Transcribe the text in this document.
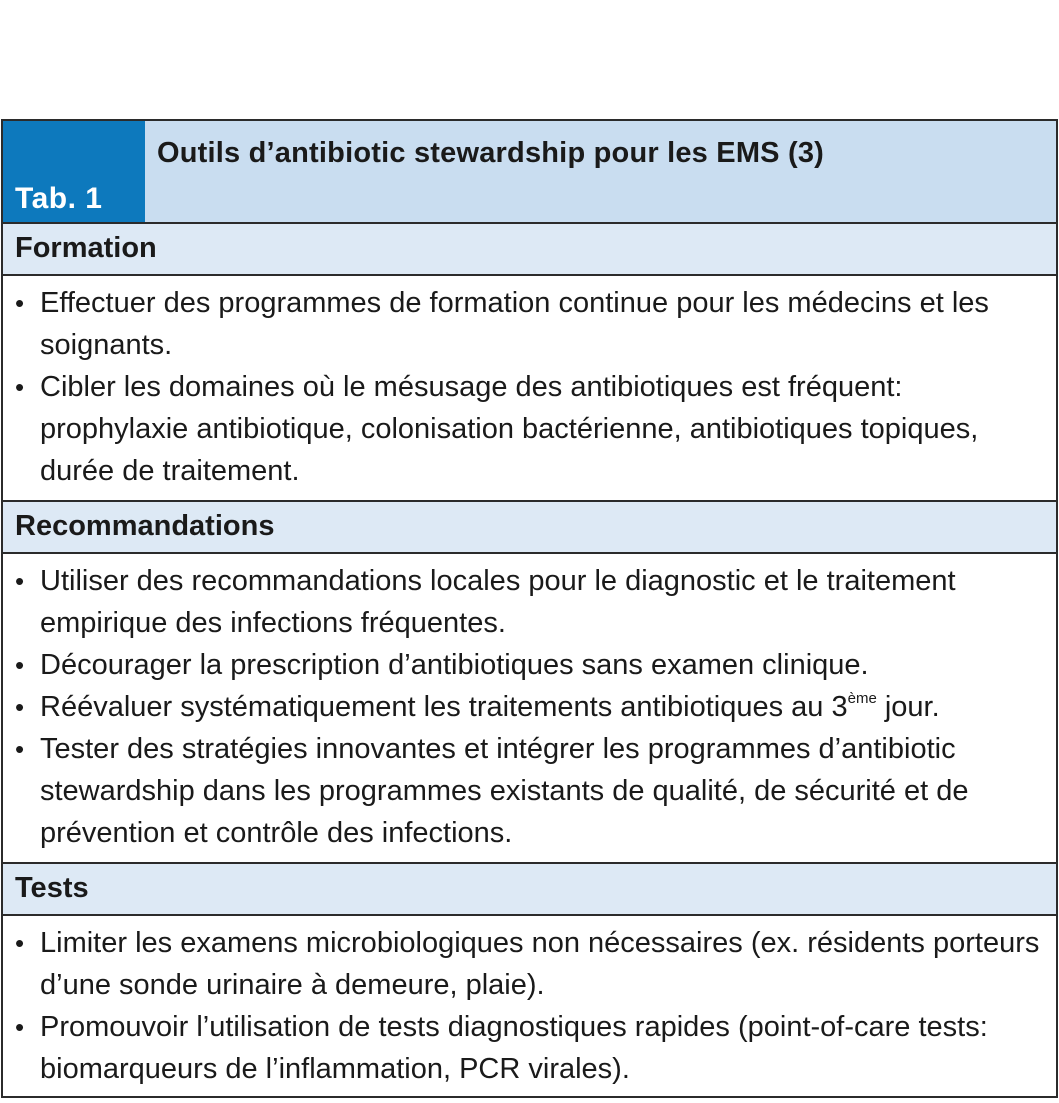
Tab. 1
Outils d’antibiotic stewardship pour les EMS (3)
Formation
• Effectuer des programmes de formation continue pour les médecins et les soignants.
• Cibler les domaines où le mésusage des antibiotiques est fréquent: prophylaxie antibiotique, colonisation bactérienne, antibiotiques topiques, durée de traitement.
Recommandations
• Utiliser des recommandations locales pour le diagnostic et le traitement empirique des infections fréquentes.
• Décourager la prescription d’antibiotiques sans examen clinique.
• Réévaluer systématiquement les traitements antibiotiques au 3ème jour.
• Tester des stratégies innovantes et intégrer les programmes d’antibiotic stewardship dans les programmes existants de qualité, de sécurité et de prévention et contrôle des infections.
Tests
• Limiter les examens microbiologiques non nécessaires (ex. résidents porteurs d’une sonde urinaire à demeure, plaie).
• Promouvoir l’utilisation de tests diagnostiques rapides (point-of-care tests: biomarqueurs de l’inflammation, PCR virales).
